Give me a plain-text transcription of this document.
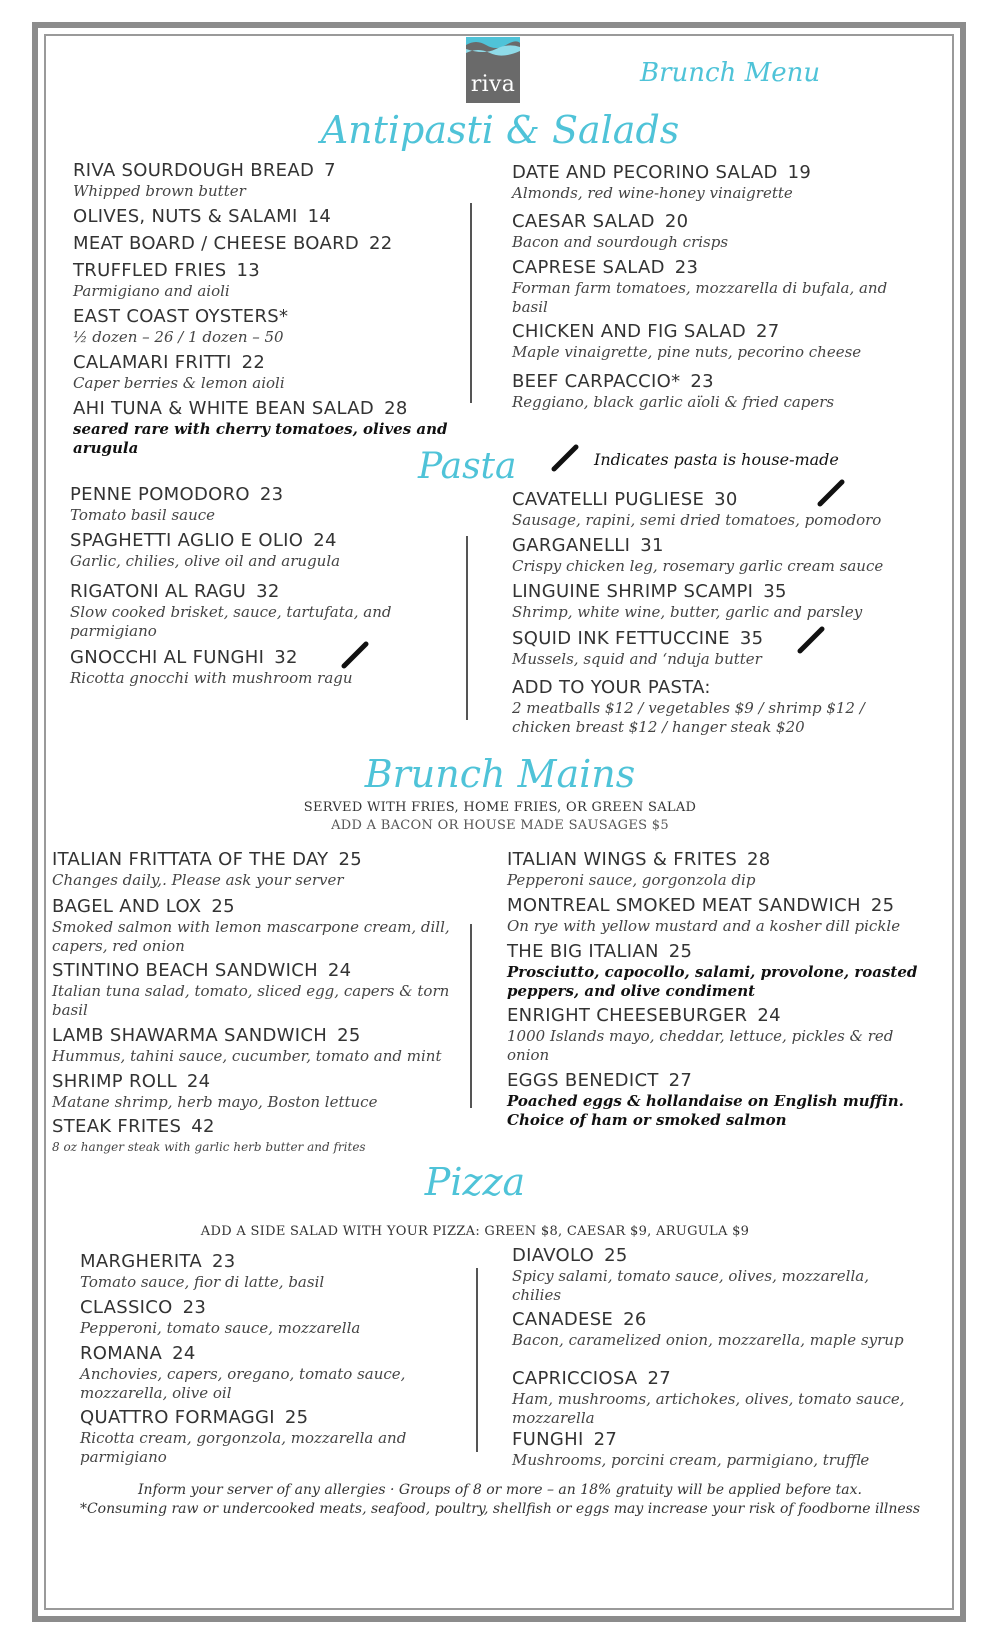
riva	Brunch Menu
Antipasti & Salads
Pasta
Brunch Mains
Pizza
Indicates pasta is house-made
SERVED WITH FRIES, HOME FRIES, OR GREEN SALAD
ADD A BACON OR HOUSE MADE SAUSAGES $5
ADD A SIDE SALAD WITH YOUR PIZZA: GREEN $8, CAESAR $9, ARUGULA $9
RIVA SOURDOUGH BREAD 7
Whipped brown butter
OLIVES, NUTS & SALAMI 14
MEAT BOARD / CHEESE BOARD 22
TRUFFLED FRIES 13
Parmigiano and aioli
EAST COAST OYSTERS*
½ dozen – 26 / 1 dozen – 50
CALAMARI FRITTI 22
Caper berries & lemon aioli
AHI TUNA & WHITE BEAN SALAD 28
seared rare with cherry tomatoes, olives and arugula
DATE AND PECORINO SALAD 19
Almonds, red wine-honey vinaigrette
CAESAR SALAD 20
Bacon and sourdough crisps
CAPRESE SALAD 23
Forman farm tomatoes, mozzarella di bufala, and basil
CHICKEN AND FIG SALAD 27
Maple vinaigrette, pine nuts, pecorino cheese
BEEF CARPACCIO* 23
Reggiano, black garlic aïoli & fried capers
PENNE POMODORO 23
Tomato basil sauce
SPAGHETTI AGLIO E OLIO 24
Garlic, chilies, olive oil and arugula
RIGATONI AL RAGU 32
Slow cooked brisket, sauce, tartufata, and parmigiano
GNOCCHI AL FUNGHI 32
Ricotta gnocchi with mushroom ragu
CAVATELLI PUGLIESE 30
Sausage, rapini, semi dried tomatoes, pomodoro
GARGANELLI 31
Crispy chicken leg, rosemary garlic cream sauce
LINGUINE SHRIMP SCAMPI 35
Shrimp, white wine, butter, garlic and parsley
SQUID INK FETTUCCINE 35
Mussels, squid and ‘nduja butter
ADD TO YOUR PASTA:
2 meatballs $12 / vegetables $9 / shrimp $12 / chicken breast $12 / hanger steak $20
ITALIAN FRITTATA OF THE DAY 25
Changes daily,. Please ask your server
BAGEL AND LOX 25
Smoked salmon with lemon mascarpone cream, dill, capers, red onion
STINTINO BEACH SANDWICH 24
Italian tuna salad, tomato, sliced egg, capers & torn basil
LAMB SHAWARMA SANDWICH 25
Hummus, tahini sauce, cucumber, tomato and mint
SHRIMP ROLL 24
Matane shrimp, herb mayo, Boston lettuce
STEAK FRITES 42
8 oz hanger steak with garlic herb butter and frites
ITALIAN WINGS & FRITES 28
Pepperoni sauce, gorgonzola dip
MONTREAL SMOKED MEAT SANDWICH 25
On rye with yellow mustard and a kosher dill pickle
THE BIG ITALIAN 25
Prosciutto, capocollo, salami, provolone, roasted peppers, and olive condiment
ENRIGHT CHEESEBURGER 24
1000 Islands mayo, cheddar, lettuce, pickles & red onion
EGGS BENEDICT 27
Poached eggs & hollandaise on English muffin. Choice of ham or smoked salmon
MARGHERITA 23
Tomato sauce, fior di latte, basil
CLASSICO 23
Pepperoni, tomato sauce, mozzarella
ROMANA 24
Anchovies, capers, oregano, tomato sauce, mozzarella, olive oil
QUATTRO FORMAGGI 25
Ricotta cream, gorgonzola, mozzarella and parmigiano
DIAVOLO 25
Spicy salami, tomato sauce, olives, mozzarella, chilies
CANADESE 26
Bacon, caramelized onion, mozzarella, maple syrup
CAPRICCIOSA 27
Ham, mushrooms, artichokes, olives, tomato sauce, mozzarella
FUNGHI 27
Mushrooms, porcini cream, parmigiano, truffle
Inform your server of any allergies · Groups of 8 or more – an 18% gratuity will be applied before tax.
*Consuming raw or undercooked meats, seafood, poultry, shellfish or eggs may increase your risk of foodborne illness
